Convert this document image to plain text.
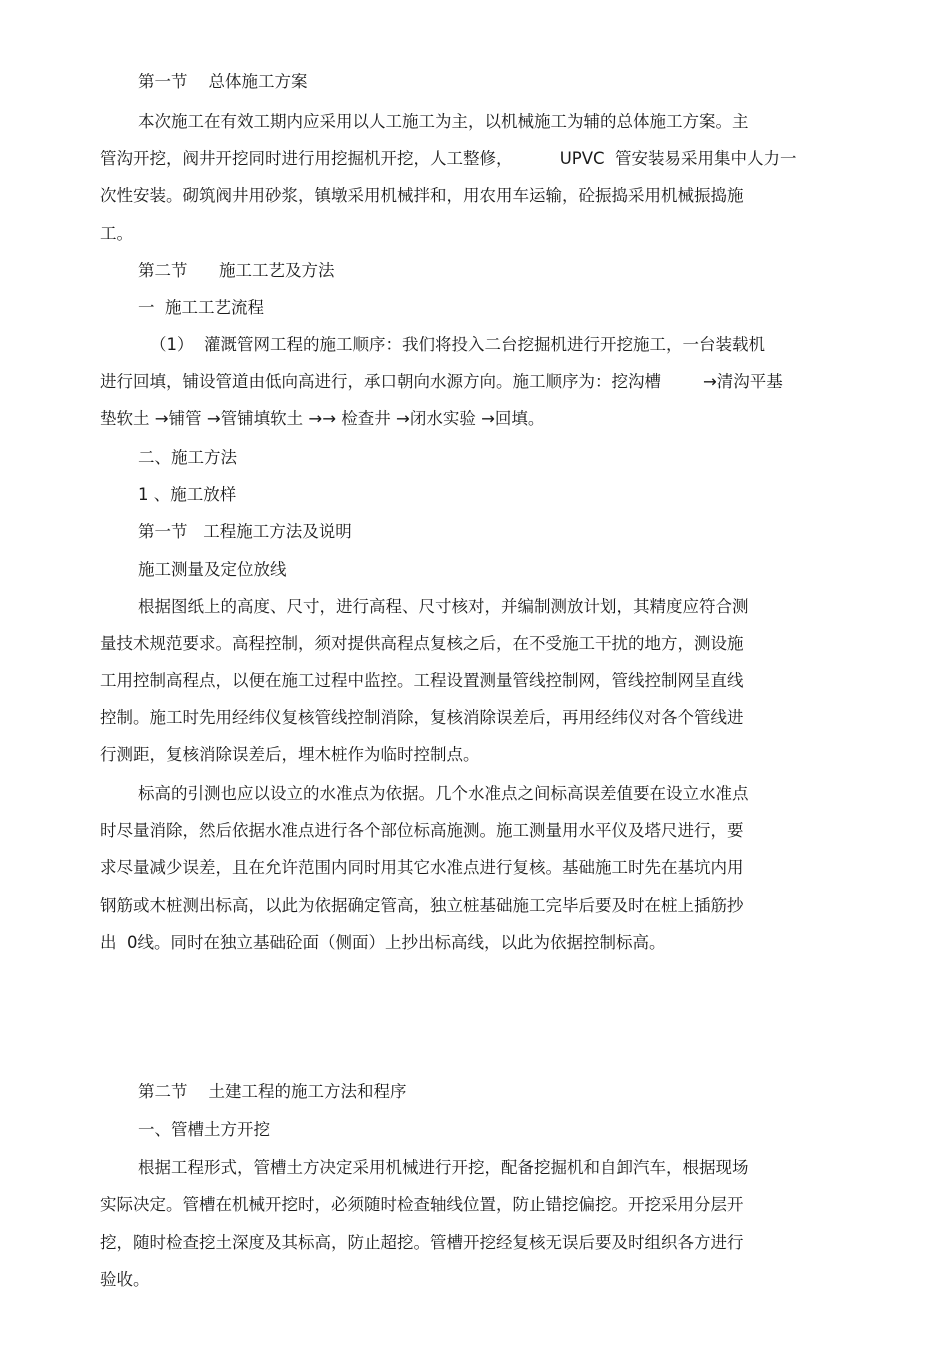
第一节    总体施工方案

本次施工在有效工期内应采用以人工施工为主，以机械施工为辅的总体施工方案。主

管沟开挖，阀井开挖同时进行用挖掘机开挖，人工整修，         UPVC  管安装易采用集中人力一

次性安装。砌筑阀井用砂浆，镇墩采用机械拌和，用农用车运输，砼振捣采用机械振捣施

工。

第二节      施工工艺及方法

一  施工工艺流程

（1）  灌溉管网工程的施工顺序：我们将投入二台挖掘机进行开挖施工，一台装载机

进行回填，铺设管道由低向高进行，承口朝向水源方向。施工顺序为：挖沟槽        →清沟平基

垫软土 →铺管 →管铺填软土 →→ 检查井 →闭水实验 →回填。

二、施工方法

1 、施工放样

第一节   工程施工方法及说明

施工测量及定位放线

根据图纸上的高度、尺寸，进行高程、尺寸核对，并编制测放计划，其精度应符合测

量技术规范要求。高程控制，须对提供高程点复核之后，在不受施工干扰的地方，测设施

工用控制高程点，以便在施工过程中监控。工程设置测量管线控制网，管线控制网呈直线

控制。施工时先用经纬仪复核管线控制消除，复核消除误差后，再用经纬仪对各个管线进

行测距，复核消除误差后，埋木桩作为临时控制点。

标高的引测也应以设立的水准点为依据。几个水准点之间标高误差值要在设立水准点

时尽量消除，然后依据水准点进行各个部位标高施测。施工测量用水平仪及塔尺进行，要

求尽量减少误差，且在允许范围内同时用其它水准点进行复核。基础施工时先在基坑内用

钢筋或木桩测出标高，以此为依据确定管高，独立桩基础施工完毕后要及时在桩上插筋抄

出  0线。同时在独立基础砼面（侧面）上抄出标高线，以此为依据控制标高。

第二节    土建工程的施工方法和程序

一、管槽土方开挖

根据工程形式，管槽土方决定采用机械进行开挖，配备挖掘机和自卸汽车，根据现场

实际决定。管槽在机械开挖时，必须随时检查轴线位置，防止错挖偏挖。开挖采用分层开

挖，随时检查挖土深度及其标高，防止超挖。管槽开挖经复核无误后要及时组织各方进行

验收。
